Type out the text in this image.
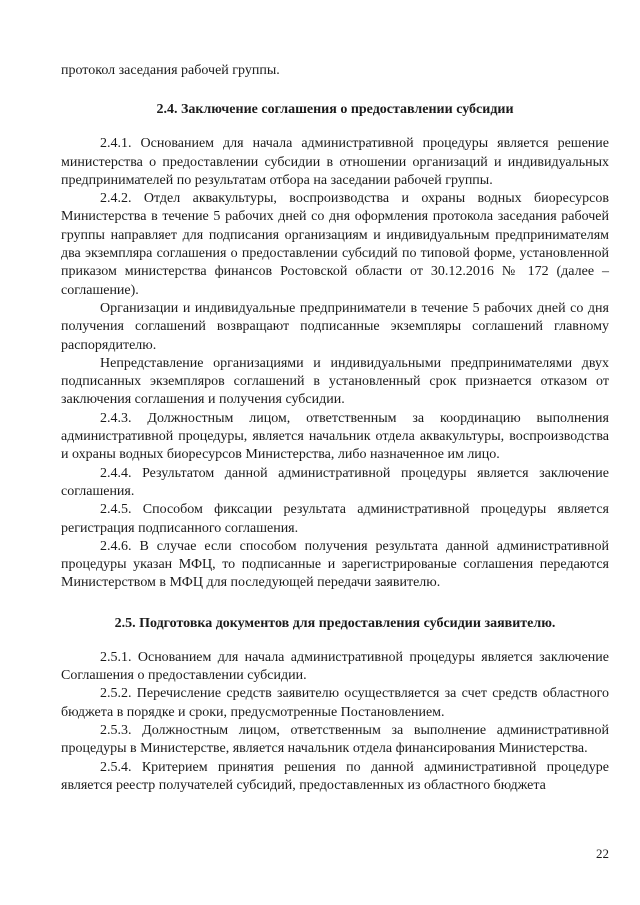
протокол заседания рабочей группы.

2.4. Заключение соглашения о предоставлении субсидии

2.4.1. Основанием для начала административной процедуры является решение министерства о предоставлении субсидии в отношении организаций и индивидуальных предпринимателей по результатам отбора на заседании рабочей группы.

2.4.2. Отдел аквакультуры, воспроизводства и охраны водных биоресурсов Министерства в течение 5 рабочих дней со дня оформления протокола заседания рабочей группы направляет для подписания организациям и индивидуальным предпринимателям два экземпляра соглашения о предоставлении субсидий по типовой форме, установленной приказом министерства финансов Ростовской области от 30.12.2016 № 172 (далее – соглашение).

Организации и индивидуальные предприниматели в течение 5 рабочих дней со дня получения соглашений возвращают подписанные экземпляры соглашений главному распорядителю.

Непредставление организациями и индивидуальными предпринимателями двух подписанных экземпляров соглашений в установленный срок признается отказом от заключения соглашения и получения субсидии.

2.4.3. Должностным лицом, ответственным за координацию выполнения административной процедуры, является начальник отдела аквакультуры, воспроизводства и охраны водных биоресурсов Министерства, либо назначенное им лицо.

2.4.4. Результатом данной административной процедуры является заключение соглашения.

2.4.5. Способом фиксации результата административной процедуры является регистрация подписанного соглашения.

2.4.6. В случае если способом получения результата данной административной процедуры указан МФЦ, то подписанные и зарегистрированые соглашения передаются Министерством в МФЦ для последующей передачи заявителю.

2.5. Подготовка документов для предоставления субсидии заявителю.

2.5.1. Основанием для начала административной процедуры является заключение Соглашения о предоставлении субсидии.

2.5.2. Перечисление средств заявителю осуществляется за счет средств областного бюджета в порядке и сроки, предусмотренные Постановлением.

2.5.3. Должностным лицом, ответственным за выполнение административной процедуры в Министерстве, является начальник отдела финансирования Министерства.

2.5.4. Критерием принятия решения по данной административной процедуре является реестр получателей субсидий, предоставленных из областного бюджета

22
